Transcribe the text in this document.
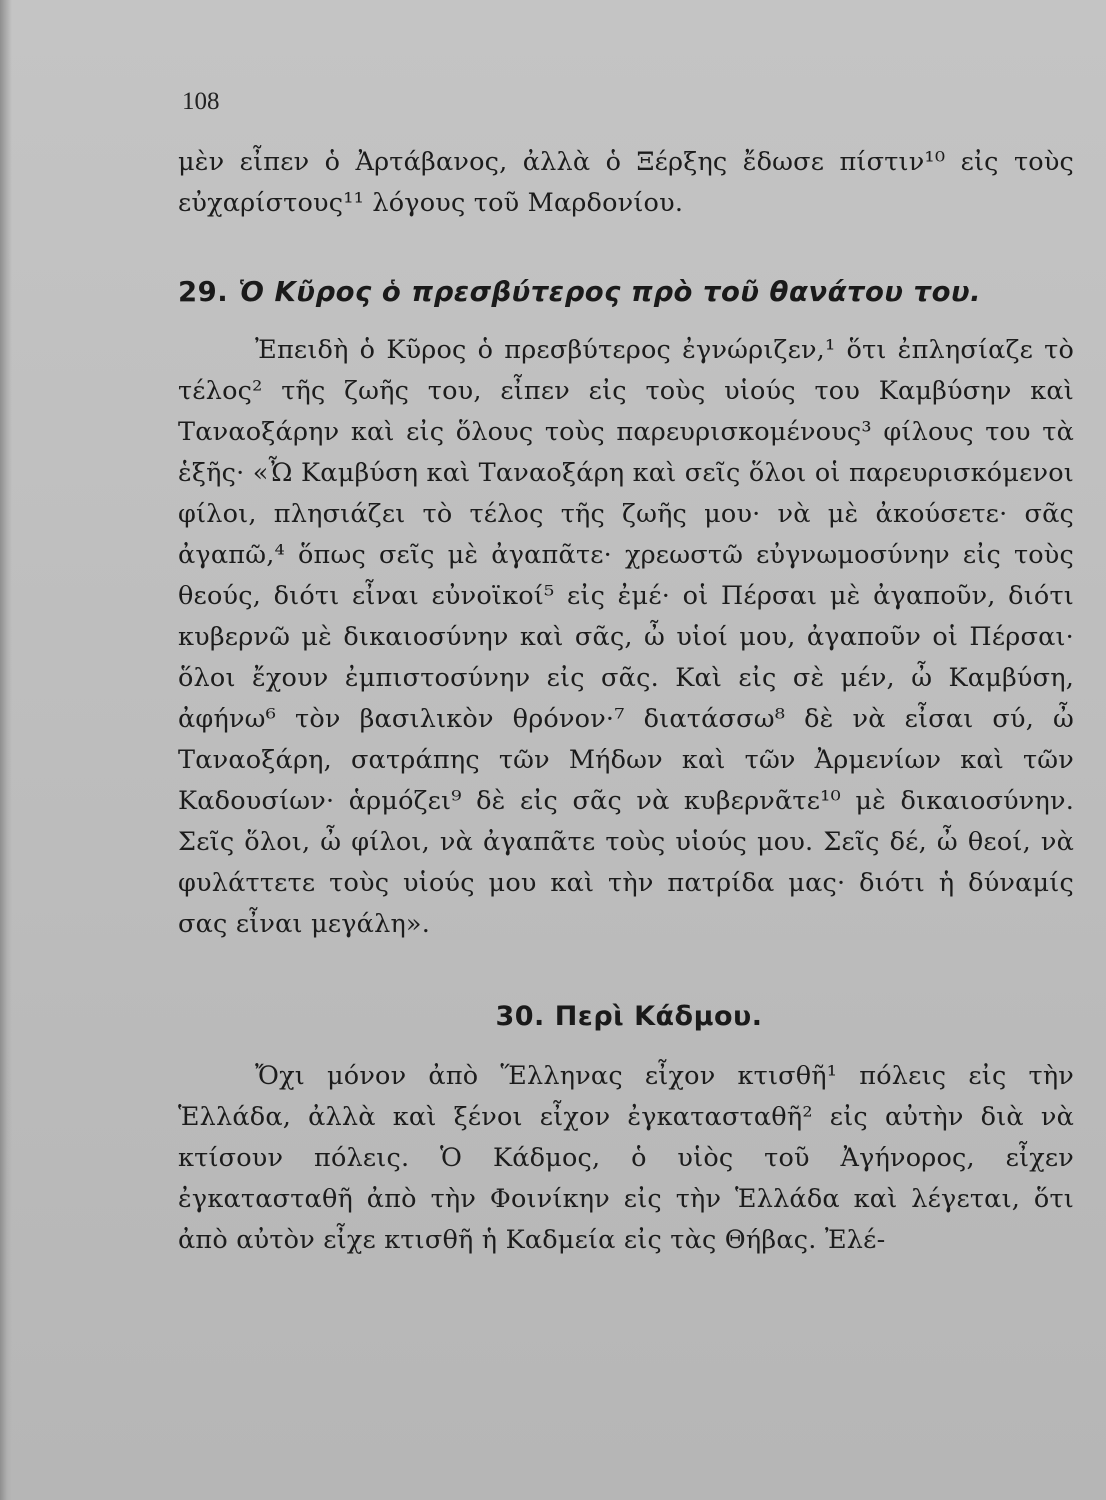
108

μὲν εἶπεν ὁ Ἀρτάβανος, ἀλλὰ ὁ Ξέρξης ἔδωσε πίστιν¹⁰ εἰς τοὺς εὐχαρίστους¹¹ λόγους τοῦ Μαρδονίου.

29. Ὁ Κῦρος ὁ πρεσβύτερος πρὸ τοῦ θανάτου του.

Ἐπειδὴ ὁ Κῦρος ὁ πρεσβύτερος ἐγνώριζεν,¹ ὅτι ἐπλησίαζε τὸ τέλος² τῆς ζωῆς του, εἶπεν εἰς τοὺς υἱούς του Καμβύσην καὶ Ταναοξάρην καὶ εἰς ὅλους τοὺς παρευρισκομένους³ φίλους του τὰ ἑξῆς· «Ὦ Καμβύση καὶ Ταναοξάρη καὶ σεῖς ὅλοι οἱ παρευρισκόμενοι φίλοι, πλησιάζει τὸ τέλος τῆς ζωῆς μου· νὰ μὲ ἀκούσετε· σᾶς ἀγαπῶ,⁴ ὅπως σεῖς μὲ ἀγαπᾶτε· χρεωστῶ εὐγνωμοσύνην εἰς τοὺς θεούς, διότι εἶναι εὐνοϊκοί⁵ εἰς ἐμέ· οἱ Πέρσαι μὲ ἀγαποῦν, διότι κυβερνῶ μὲ δικαιοσύνην καὶ σᾶς, ὦ υἱοί μου, ἀγαποῦν οἱ Πέρσαι· ὅλοι ἔχουν ἐμπιστοσύνην εἰς σᾶς. Καὶ εἰς σὲ μέν, ὦ Καμβύση, ἀφήνω⁶ τὸν βασιλικὸν θρόνον·⁷ διατάσσω⁸ δὲ νὰ εἶσαι σύ, ὦ Ταναοξάρη, σατράπης τῶν Μήδων καὶ τῶν Ἀρμενίων καὶ τῶν Καδουσίων· ἁρμόζει⁹ δὲ εἰς σᾶς νὰ κυβερνᾶτε¹⁰ μὲ δικαιοσύνην. Σεῖς ὅλοι, ὦ φίλοι, νὰ ἀγαπᾶτε τοὺς υἱούς μου. Σεῖς δέ, ὦ θεοί, νὰ φυλάττετε τοὺς υἱούς μου καὶ τὴν πατρίδα μας· διότι ἡ δύναμίς σας εἶναι μεγάλη».

30. Περὶ Κάδμου.

Ὄχι μόνον ἀπὸ Ἕλληνας εἶχον κτισθῆ¹ πόλεις εἰς τὴν Ἑλλάδα, ἀλλὰ καὶ ξένοι εἶχον ἐγκατασταθῆ² εἰς αὐτὴν διὰ νὰ κτίσουν πόλεις. Ὁ Κάδμος, ὁ υἱὸς τοῦ Ἀγήνορος, εἶχεν ἐγκατασταθῆ ἀπὸ τὴν Φοινίκην εἰς τὴν Ἑλλάδα καὶ λέγεται, ὅτι ἀπὸ αὐτὸν εἶχε κτισθῆ ἡ Καδμεία εἰς τὰς Θήβας. Ἐλέ-
